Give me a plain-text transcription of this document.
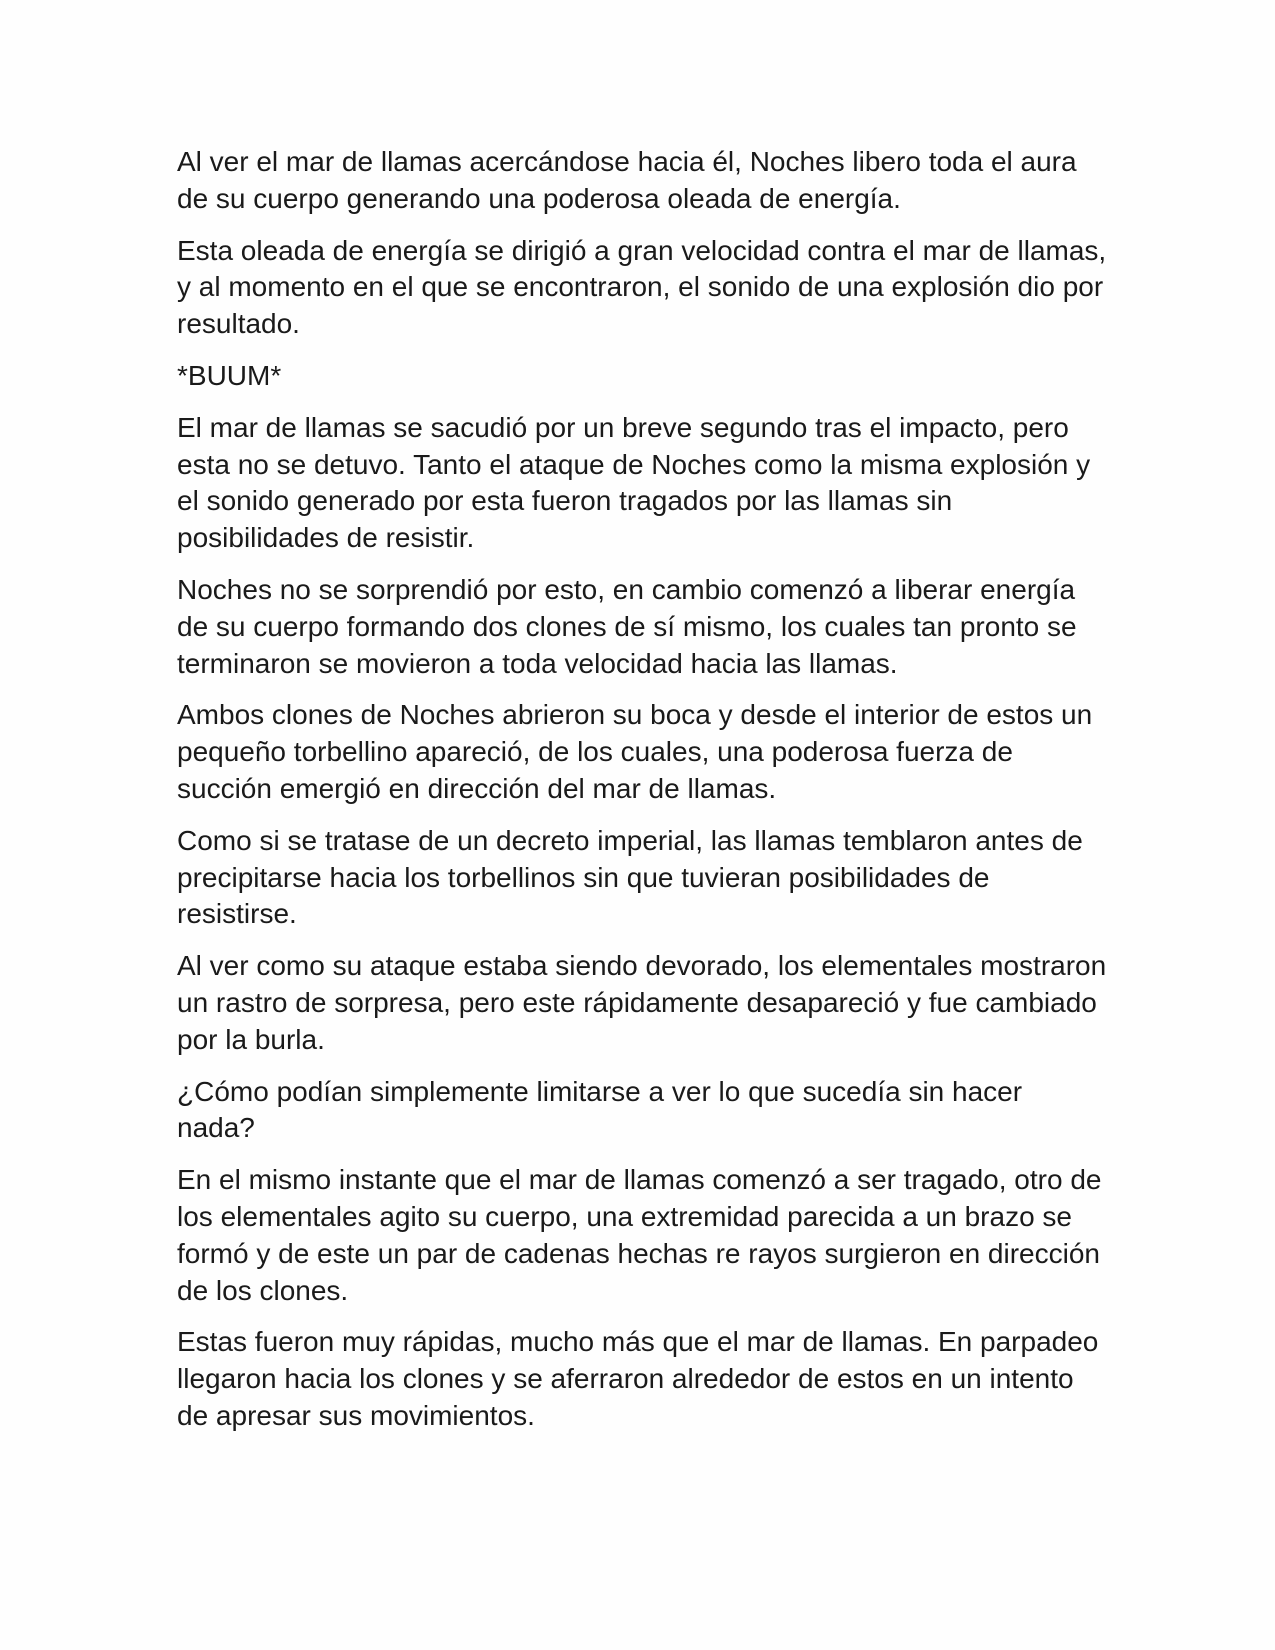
Al ver el mar de llamas acercándose hacia él, Noches libero toda el aura de su cuerpo generando una poderosa oleada de energía.

Esta oleada de energía se dirigió a gran velocidad contra el mar de llamas, y al momento en el que se encontraron, el sonido de una explosión dio por resultado.

*BUUM*

El mar de llamas se sacudió por un breve segundo tras el impacto, pero esta no se detuvo. Tanto el ataque de Noches como la misma explosión y el sonido generado por esta fueron tragados por las llamas sin posibilidades de resistir.

Noches no se sorprendió por esto, en cambio comenzó a liberar energía de su cuerpo formando dos clones de sí mismo, los cuales tan pronto se terminaron se movieron a toda velocidad hacia las llamas.

Ambos clones de Noches abrieron su boca y desde el interior de estos un pequeño torbellino apareció, de los cuales, una poderosa fuerza de succión emergió en dirección del mar de llamas.

Como si se tratase de un decreto imperial, las llamas temblaron antes de precipitarse hacia los torbellinos sin que tuvieran posibilidades de resistirse.

Al ver como su ataque estaba siendo devorado, los elementales mostraron un rastro de sorpresa, pero este rápidamente desapareció y fue cambiado por la burla.

¿Cómo podían simplemente limitarse a ver lo que sucedía sin hacer nada?

En el mismo instante que el mar de llamas comenzó a ser tragado, otro de los elementales agito su cuerpo, una extremidad parecida a un brazo se formó y de este un par de cadenas hechas re rayos surgieron en dirección de los clones.

Estas fueron muy rápidas, mucho más que el mar de llamas. En parpadeo llegaron hacia los clones y se aferraron alrededor de estos en un intento de apresar sus movimientos.
